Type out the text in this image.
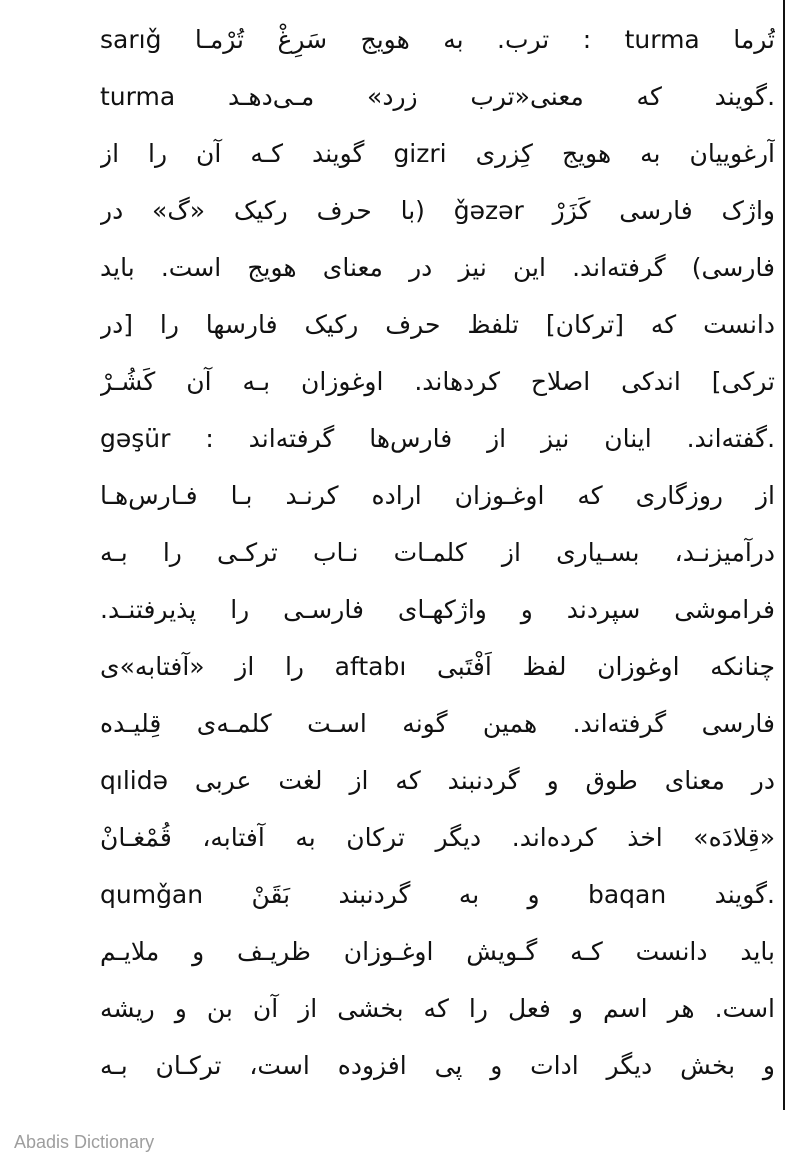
تُرما turma : ترب. به هویج سَرِغْ تُرْمـا sarıǧ
turma گویند که معنی«ترب زرد» مـی‌دهـد.
آرغوییان به هویج کِزری gizri گویند کـه آن را از
واژک فارسی کَزَرْ ǧəzər (با حرف رکیک «گ» در
فارسی) گرفته‌اند. این نیز در معنای هویج است. باید
دانست که [ترکان] تلفظ حرف رکیک فارسها را [در
ترکی] اندکی اصلاح کردهاند. اوغوزان بـه آن کَشُـرْ
gəşür : گفته‌اند. اینان نیز از فارس‌ها گرفته‌اند.
از روزگاری که اوغـوزان اراده کرنـد بـا فـارس‌هـا
درآمیزنـد، بسـیاری از کلمـات نـاب ترکـی را بـه
فراموشی سپردند و واژکهـای فارسـی را پذیرفتنـد.
چنانکه اوغوزان لفظ اَفْتَبی aftabı را از «آفتابه»ی
فارسی گرفته‌اند. همین گونه اسـت کلمـه‌ی قِلیـده
qılidə در معنای طوق و گردنبند که از لغت عربی
«قِلادَه» اخذ کرده‌اند. دیگر ترکان به آفتابه، قُمْغـانْ
qumǧan و به گردنبند بَقَنْ baqan گویند.
باید دانست کـه گـویش اوغـوزان ظریـف و ملایـم
است. هر اسم و فعل را که بخشی از آن بن و ریشه
و بخش دیگر ادات و پی افزوده است، ترکـان بـه
Abadis Dictionary
